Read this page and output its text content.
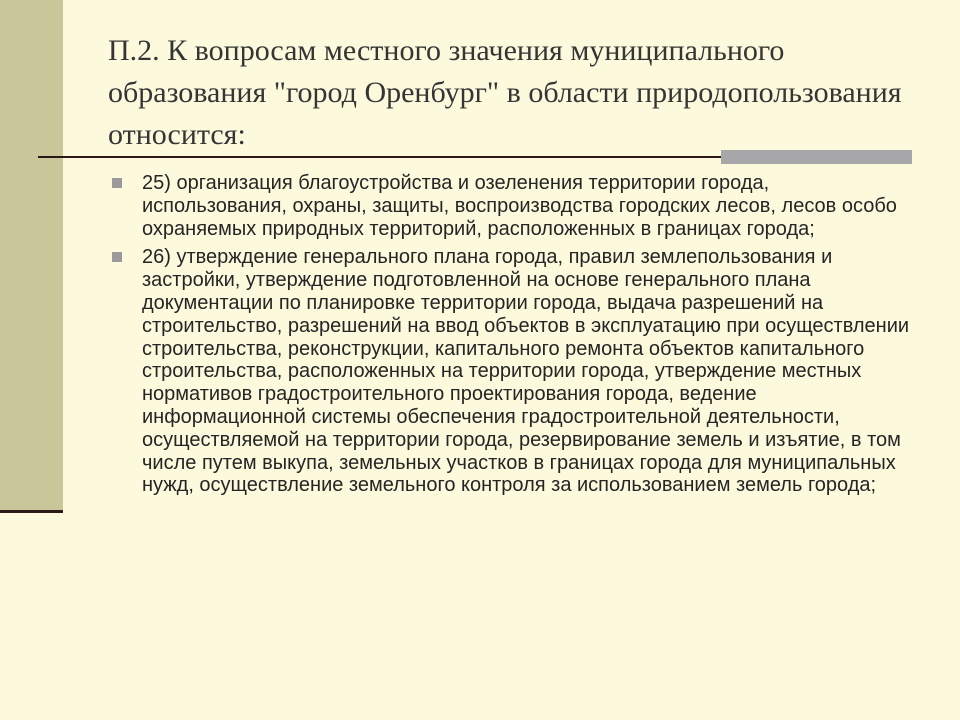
П.2. К вопросам местного значения муниципального образования "город Оренбург" в области природопользования относится:
25) организация благоустройства и озеленения территории города, использования, охраны, защиты, воспроизводства городских лесов, лесов особо охраняемых природных территорий, расположенных в границах города;
26) утверждение генерального плана города, правил землепользования и застройки, утверждение подготовленной на основе генерального плана документации по планировке территории города, выдача разрешений на строительство, разрешений на ввод объектов в эксплуатацию при осуществлении строительства, реконструкции, капитального ремонта объектов капитального строительства, расположенных на территории города, утверждение местных нормативов градостроительного проектирования города, ведение информационной системы обеспечения градостроительной деятельности, осуществляемой на территории города, резервирование земель и изъятие, в том числе путем выкупа, земельных участков в границах города для муниципальных нужд, осуществление земельного контроля за использованием земель города;
